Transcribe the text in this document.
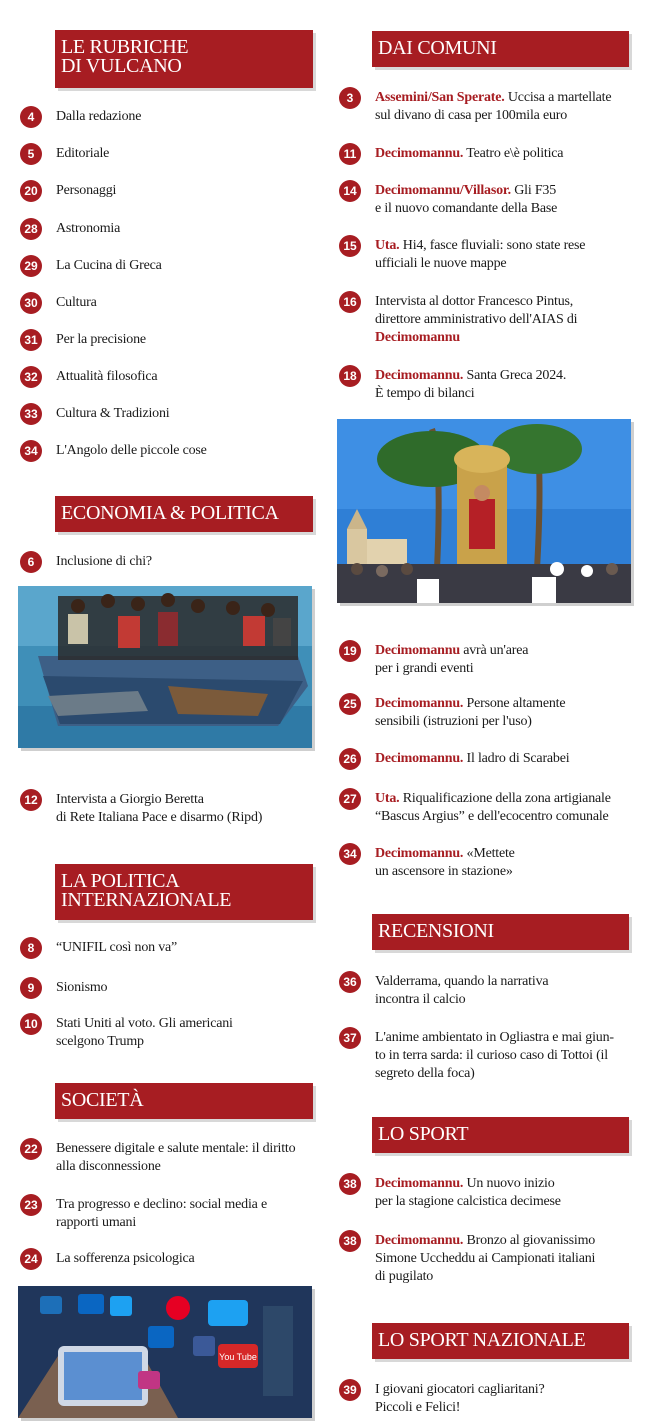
LE RUBRICHE
DI VULCANO
4	Dalla redazione
5	Editoriale
20	Personaggi
28	Astronomia
29	La Cucina di Greca
30	Cultura
31	Per la precisione
32	Attualità filosofica
33	Cultura & Tradizioni
34	L'Angolo delle piccole cose
ECONOMIA & POLITICA
6	Inclusione di chi?
12	Intervista a Giorgio Beretta
di Rete Italiana Pace e disarmo (Ripd)
LA POLITICA
INTERNAZIONALE
8	“UNIFIL così non va”
9	Sionismo
10	Stati Uniti al voto. Gli americani
scelgono Trump
SOCIETÀ
22	Benessere digitale e salute mentale: il diritto
alla disconnessione
23	Tra progresso e declino: social media e
rapporti umani
24	La sofferenza psicologica
You Tube
DAI COMUNI
3	Assemini/San Sperate. Uccisa a martellate
sul divano di casa per 100mila euro
11	Decimomannu. Teatro e\è politica
14	Decimomannu/Villasor. Gli F35
e il nuovo comandante della Base
15	Uta. Hi4, fasce fluviali: sono state rese
ufficiali le nuove mappe
16	Intervista al dottor Francesco Pintus,
direttore amministrativo dell'AIAS di
Decimomannu
18	Decimomannu. Santa Greca 2024.
È tempo di bilanci
19	Decimomannu avrà un'area
per i grandi eventi
25	Decimomannu. Persone altamente
sensibili (istruzioni per l'uso)
26	Decimomannu. Il ladro di Scarabei
27	Uta. Riqualificazione della zona artigianale
“Bascus Argius” e dell'ecocentro comunale
34	Decimomannu. «Mettete
un ascensore in stazione»
RECENSIONI
36	Valderrama, quando la narrativa
incontra il calcio
37	L'anime ambientato in Ogliastra e mai giun-
to in terra sarda: il curioso caso di Tottoi (il
segreto della foca)
LO SPORT
38	Decimomannu. Un nuovo inizio
per la stagione calcistica decimese
38	Decimomannu. Bronzo al giovanissimo
Simone Uccheddu ai Campionati italiani
di pugilato
LO SPORT NAZIONALE
39	I giovani giocatori cagliaritani?
Piccoli e Felici!
